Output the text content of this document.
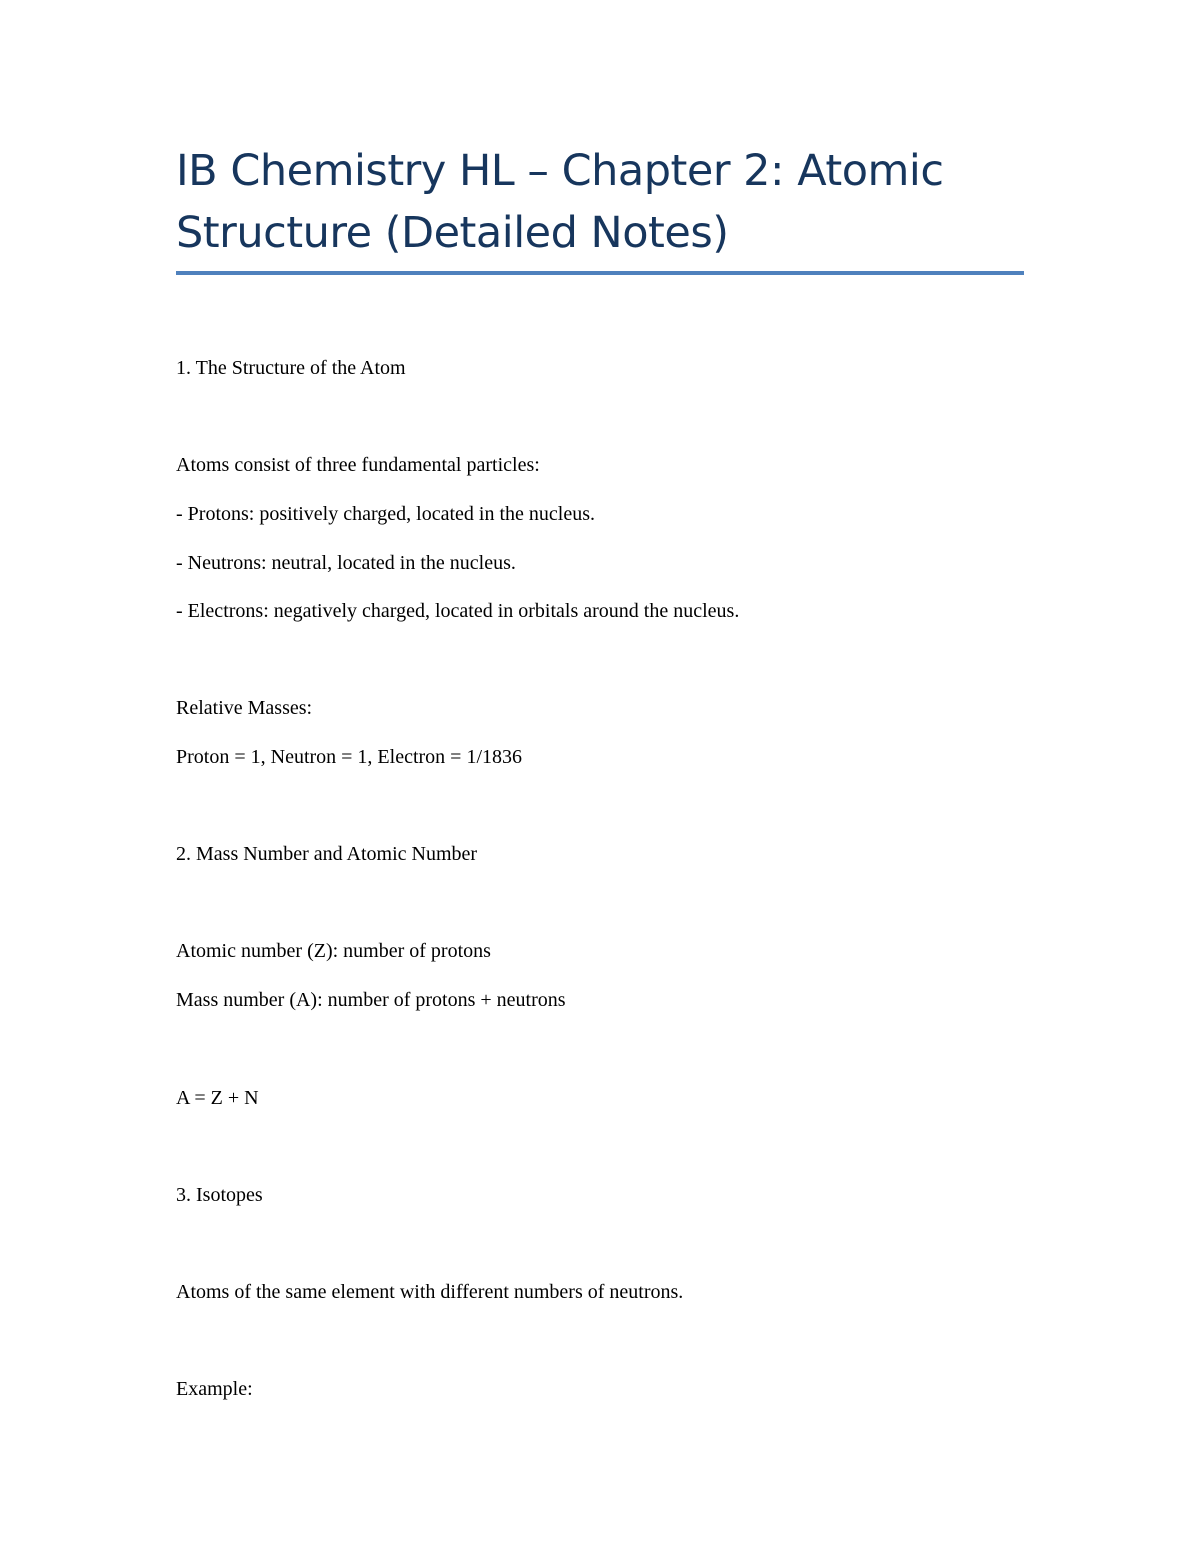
IB Chemistry HL – Chapter 2: Atomic Structure (Detailed Notes)

1. The Structure of the Atom

Atoms consist of three fundamental particles:

- Protons: positively charged, located in the nucleus.

- Neutrons: neutral, located in the nucleus.

- Electrons: negatively charged, located in orbitals around the nucleus.

Relative Masses:

Proton = 1, Neutron = 1, Electron = 1/1836

2. Mass Number and Atomic Number

Atomic number (Z): number of protons

Mass number (A): number of protons + neutrons

A = Z + N

3. Isotopes

Atoms of the same element with different numbers of neutrons.

Example:
